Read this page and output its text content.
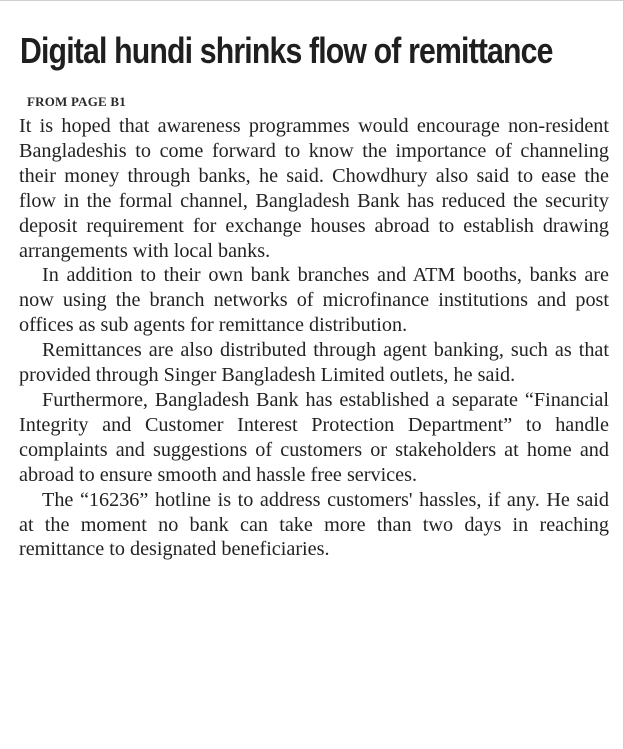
Digital hundi shrinks flow of remittance
FROM PAGE B1

It is hoped that awareness programmes would encourage non-resident Bangladeshis to come forward to know the importance of channeling their money through banks, he said. Chowdhury also said to ease the flow in the formal channel, Bangladesh Bank has reduced the security deposit requirement for exchange houses abroad to establish drawing arrangements with local banks.

In addition to their own bank branches and ATM booths, banks are now using the branch networks of microfinance institutions and post offices as sub agents for remittance distribution.

Remittances are also distributed through agent banking, such as that provided through Singer Bangladesh Limited outlets, he said.

Furthermore, Bangladesh Bank has established a separate “Financial Integrity and Customer Interest Protection Department” to handle complaints and suggestions of customers or stakeholders at home and abroad to ensure smooth and hassle free services.

The “16236” hotline is to address customers' hassles, if any. He said at the moment no bank can take more than two days in reaching remittance to designated beneficiaries.
